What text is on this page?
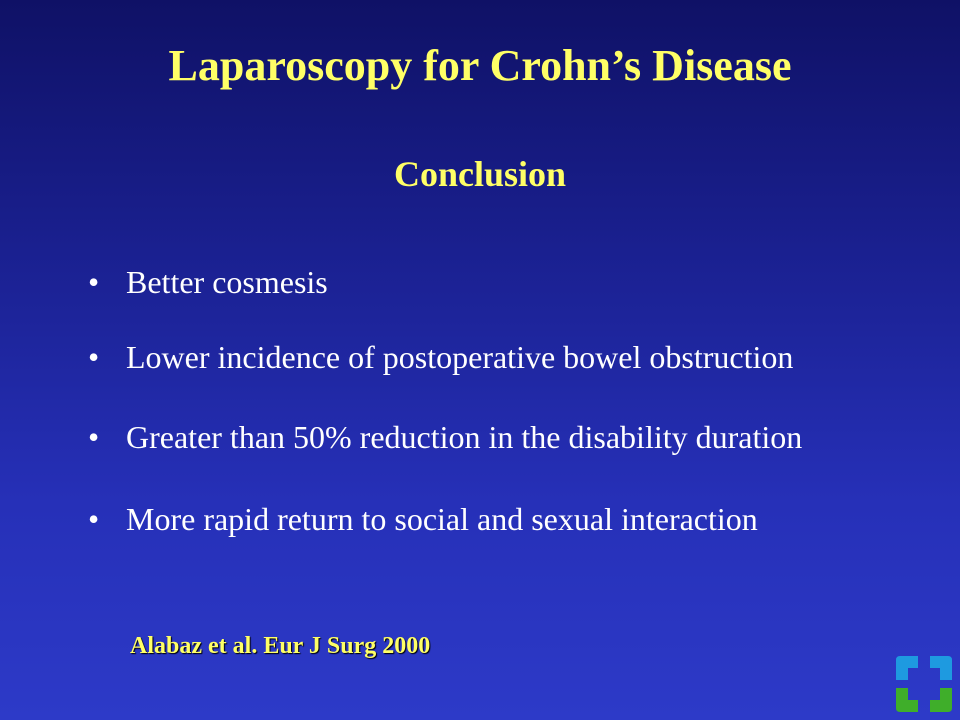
Laparoscopy for Crohn’s Disease
Conclusion
• Better cosmesis
• Lower incidence of postoperative bowel obstruction
• Greater than 50% reduction in the disability duration
• More rapid return to social and sexual interaction
Alabaz et al. Eur J Surg 2000
